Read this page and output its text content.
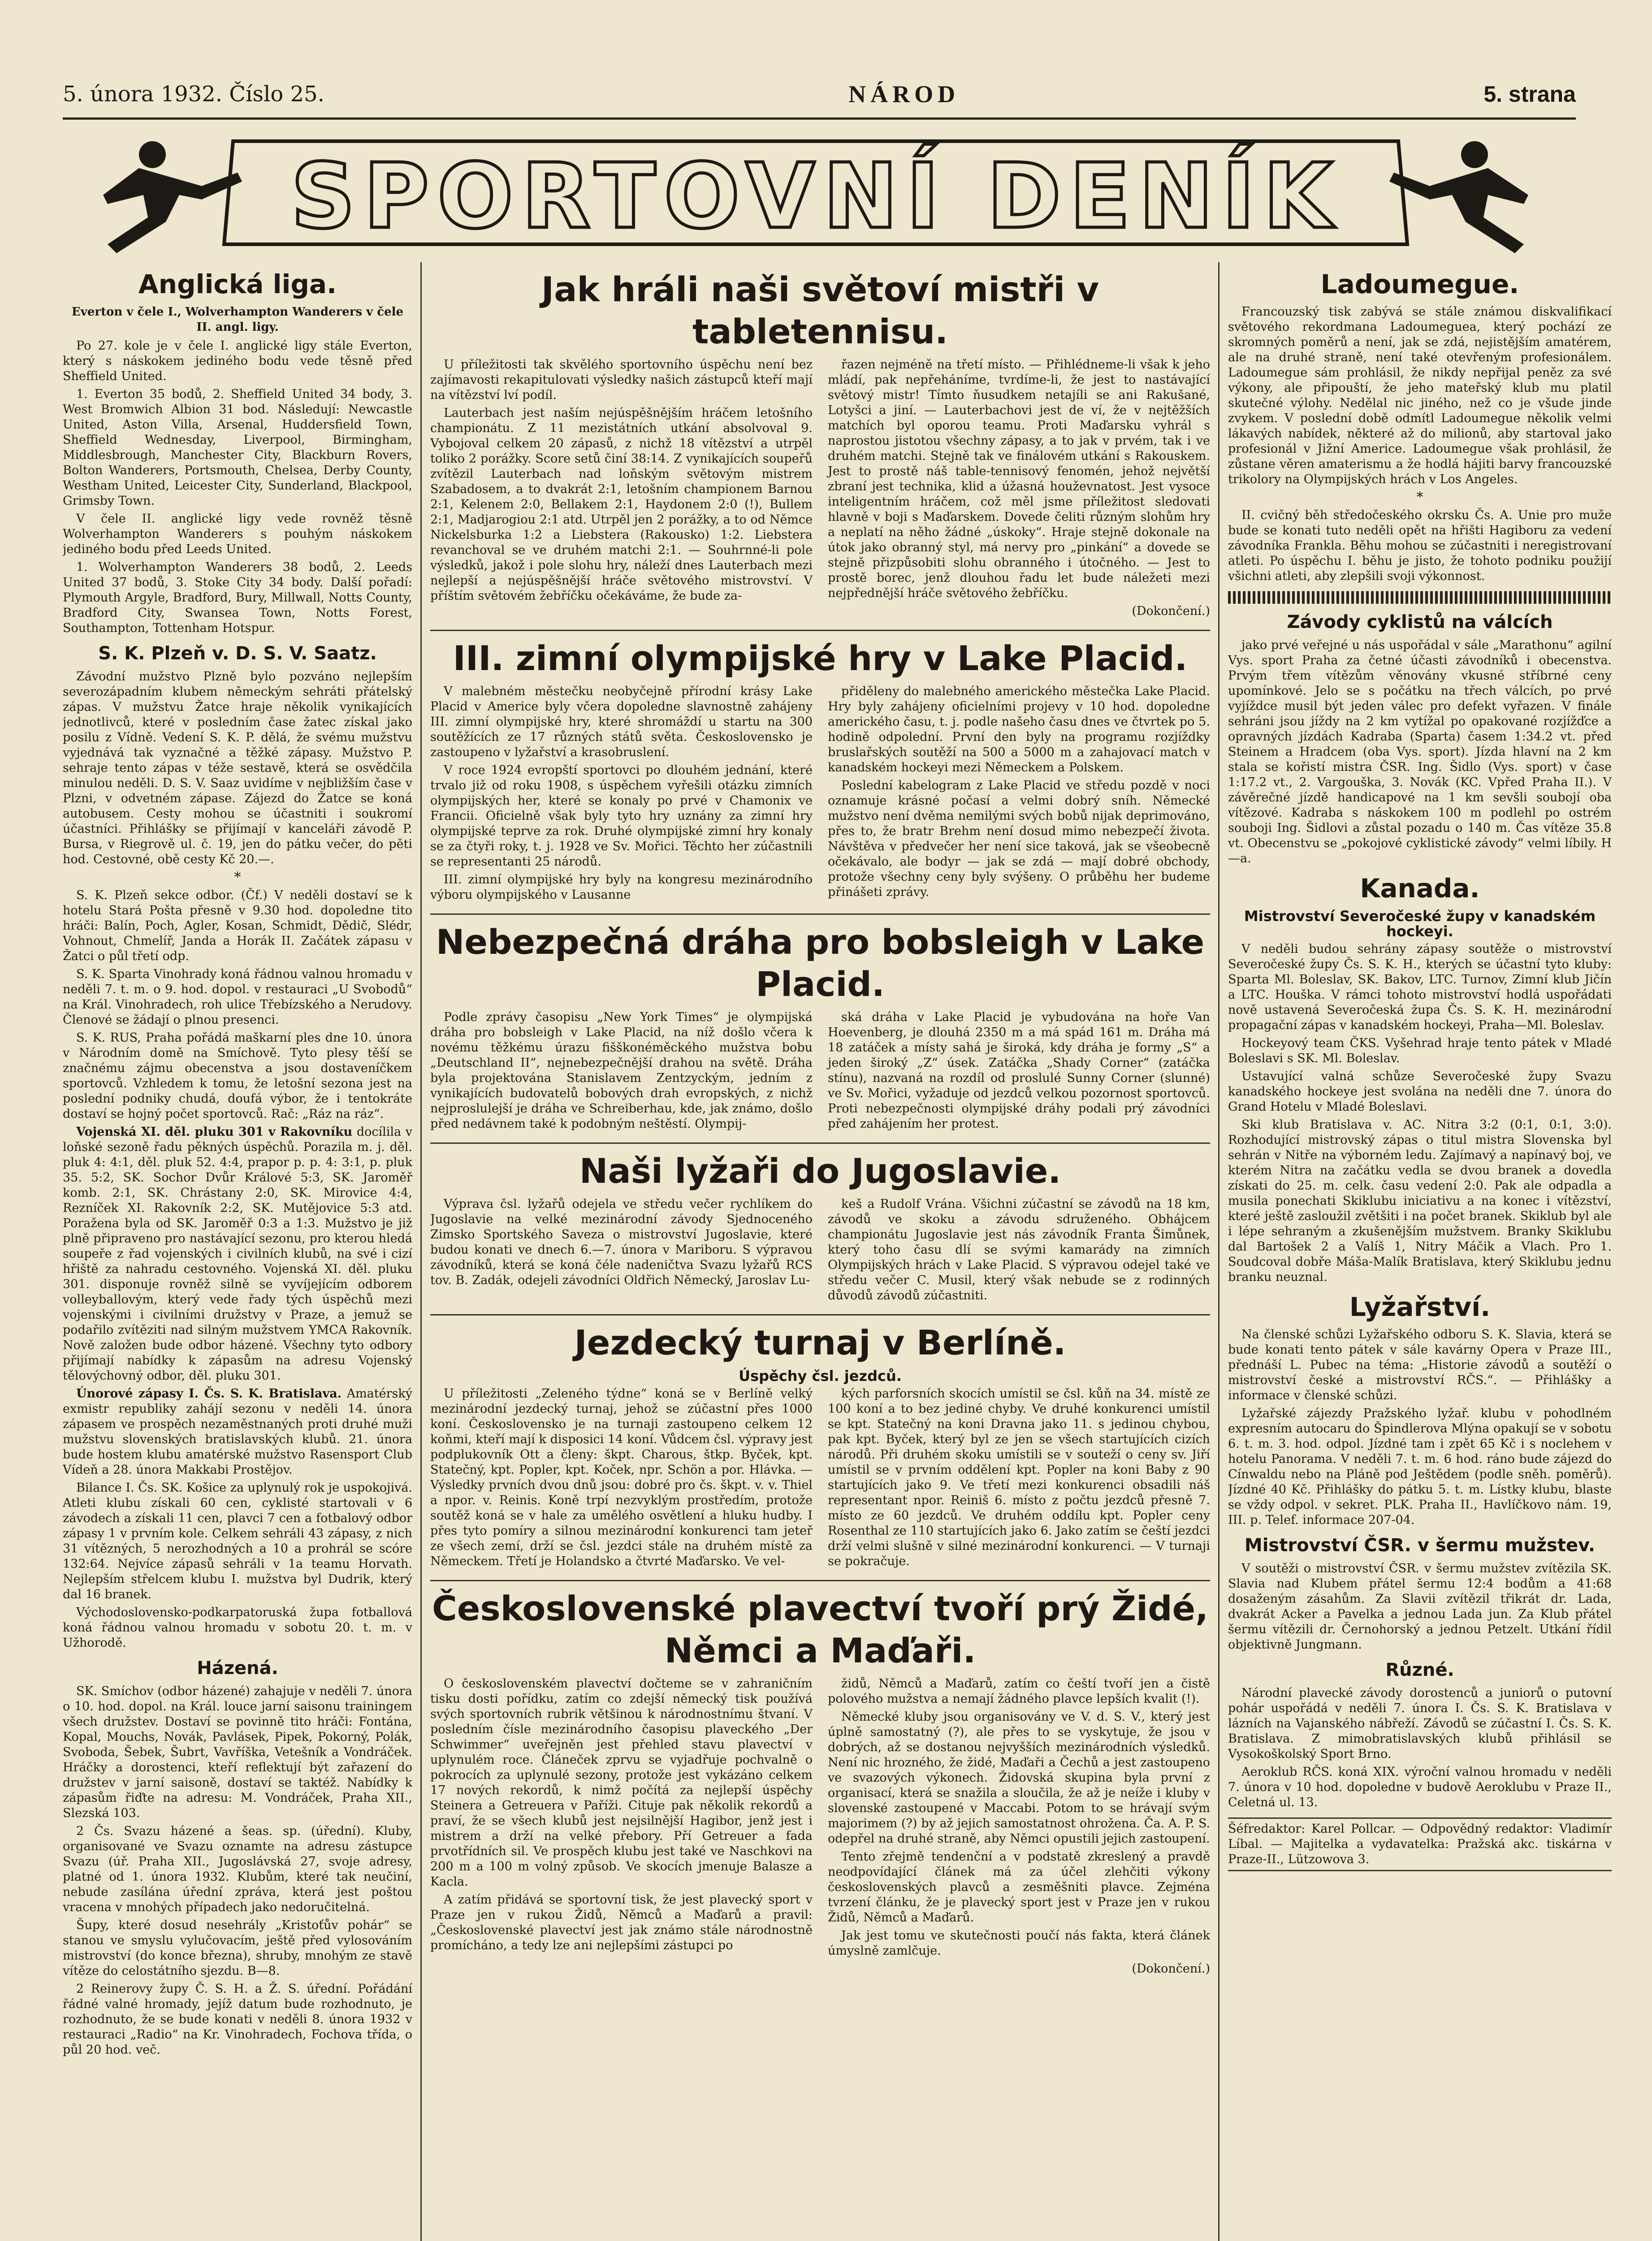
5. února 1932. Číslo 25.	NÁROD	5. strana
SPORTOVNÍ DENÍK
Anglická liga.
Everton v čele I., Wolverhampton Wanderers v čele II. angl. ligy.

Po 27. kole je v čele I. anglické ligy stále Everton, který s náskokem jediného bodu vede těsně před Sheffield United.

1. Everton 35 bodů, 2. Sheffield United 34 body, 3. West Bromwich Albion 31 bod. Následují: Newcastle United, Aston Villa, Arsenal, Huddersfield Town, Sheffield Wednesday, Liverpool, Birmingham, Middlesbrough, Manchester City, Blackburn Rovers, Bolton Wanderers, Portsmouth, Chelsea, Derby County, Westham United, Leicester City, Sunderland, Blackpool, Grimsby Town.

V čele II. anglické ligy vede rovněž těsně Wolverhampton Wanderers s pouhým náskokem jediného bodu před Leeds United.

1. Wolverhampton Wanderers 38 bodů, 2. Leeds United 37 bodů, 3. Stoke City 34 body. Další pořadí: Plymouth Argyle, Bradford, Bury, Millwall, Notts County, Bradford City, Swansea Town, Notts Forest, Southampton, Tottenham Hotspur.

S. K. Plzeň v. D. S. V. Saatz.

Závodní mužstvo Plzně bylo pozváno nejlepším severozápadním klubem německým sehráti přátelský zápas. V mužstvu Žatce hraje několik vynikajících jednotlivců, které v posledním čase žatec získal jako posilu z Vídně. Vedení S. K. P. dělá, že svému mužstvu vyjednává tak vyznačné a těžké zápasy. Mužstvo P. sehraje tento zápas v téže sestavě, která se osvědčila minulou neděli. D. S. V. Saaz uvidíme v nejbližším čase v Plzni, v odvetném zápase. Zájezd do Žatce se koná autobusem. Cesty mohou se účastniti i soukromí účastníci. Přihlášky se přijímají v kanceláři závodě P. Bursa, v Riegrově ul. č. 19, jen do pátku večer, do pěti hod. Cestovné, obě cesty Kč 20.—.

*

S. K. Plzeň sekce odbor. (Čf.) V neděli dostaví se k hotelu Stará Pošta přesně v 9.30 hod. dopoledne tito hráči: Balín, Poch, Agler, Kosan, Schmidt, Dědič, Slédr, Vohnout, Chmelíř, Janda a Horák II. Začátek zápasu v Žatci o půl třetí odp.

S. K. Sparta Vinohrady koná řádnou valnou hromadu v neděli 7. t. m. o 9. hod. dopol. v restauraci „U Svobodů“ na Král. Vinohradech, roh ulice Třebízského a Nerudovy. Členové se žádají o plnou presenci.

S. K. RUS, Praha pořádá maškarní ples dne 10. února v Národním domě na Smíchově. Tyto plesy těší se značnému zájmu obecenstva a jsou dostaveníčkem sportovců. Vzhledem k tomu, že letošní sezona jest na poslední podniky chudá, doufá výbor, že i tentokráte dostaví se hojný počet sportovců. Rač: „Ráz na ráz“.

Vojenská XI. děl. pluku 301 v Rakovníku docílila v loňské sezoně řadu pěkných úspěchů. Porazila m. j. děl. pluk 4: 4:1, děl. pluk 52. 4:4, prapor p. p. 4: 3:1, p. pluk 35. 5:2, SK. Sochor Dvůr Králové 5:3, SK. Jaroměř komb. 2:1, SK. Chrástany 2:0, SK. Mirovice 4:4, Rezníček XI. Rakovník 2:2, SK. Mutějovice 5:3 atd. Poražena byla od SK. Jaroměř 0:3 a 1:3. Mužstvo je již plně připraveno pro nastávající sezonu, pro kterou hledá soupeře z řad vojenských i civilních klubů, na své i cizí hřiště za nahradu cestovného. Vojenská XI. děl. pluku 301. disponuje rovněž silně se vyvíjejícím odborem volleyballovým, který vede řady tých úspěchů mezi vojenskými i civilními družstvy v Praze, a jemuž se podařilo zvítěziti nad silným mužstvem YMCA Rakovník. Nově založen bude odbor házené. Všechny tyto odbory přijímají nabídky k zápasům na adresu Vojenský tělovýchovný odbor, děl. pluku 301.

Únorové zápasy I. Čs. S. K. Bratislava. Amatérský exmistr republiky zahájí sezonu v neděli 14. února zápasem ve prospěch nezaměstnaných proti druhé muži mužstvu slovenských bratislavských klubů. 21. února bude hostem klubu amatérské mužstvo Rasensport Club Vídeň a 28. února Makkabi Prostějov.

Bilance I. Čs. SK. Košice za uplynulý rok je uspokojivá. Atleti klubu získali 60 cen, cyklisté startovali v 6 závodech a získali 11 cen, plavci 7 cen a fotbalový odbor zápasy 1 v prvním kole. Celkem sehráli 43 zápasy, z nich 31 vítězných, 5 nerozhodných a 10 a prohrál se scóre 132:64. Nejvíce zápasů sehráli v 1a teamu Horvath. Nejlepším střelcem klubu I. mužstva byl Dudrik, který dal 16 branek.

Východoslovensko-podkarpatoruská župa fotballová koná řádnou valnou hromadu v sobotu 20. t. m. v Užhorodě.

Házená.

SK. Smíchov (odbor házené) zahajuje v neděli 7. února o 10. hod. dopol. na Král. louce jarní saisonu trainingem všech družstev. Dostaví se povinně tito hráči: Fontána, Kopal, Mouchs, Novák, Pavlásek, Pipek, Pokorný, Polák, Svoboda, Šebek, Šubrt, Vavříška, Vetešník a Vondráček. Hráčky a dorostenci, kteří reflektují být zařazení do družstev v jarní saisoně, dostaví se taktéž. Nabídky k zápasům řiďte na adresu: M. Vondráček, Praha XII., Slezská 103.

2 Čs. Svazu házené a šeas. sp. (úřední). Kluby, organisované ve Svazu oznamte na adresu zástupce Svazu (úř. Praha XII., Jugoslávská 27, svoje adresy, platné od 1. února 1932. Klubům, které tak neučiní, nebude zasílána úřední zpráva, která jest poštou vracena v mnohých případech jako nedoručitelná.

Šupy, které dosud nesehrály „Kristoťův pohár“ se stanou ve smyslu vylučovacím, ještě před vylosováním mistrovství (do konce března), shruby, mnohým ze stavě vítěze do celostátního sjezdu. B—8.

2 Reinerovy župy Č. S. H. a Ž. S. úřední. Pořádání řádné valné hromady, jejíž datum bude rozhodnuto, je rozhodnuto, že se bude konati v neděli 8. února 1932 v restauraci „Radio“ na Kr. Vinohradech, Fochova třída, o půl 20 hod. več.

Jak hráli naši světoví mistři v tabletennisu.

U příležitosti tak skvělého sportovního úspěchu není bez zajímavosti rekapitulovati výsledky našich zástupců kteří mají na vítězství lví podíl.

Lauterbach jest naším nejúspěšnějším hráčem letošního championátu. Z 11 mezistátních utkání absolvoval 9. Vybojoval celkem 20 zápasů, z nichž 18 vítězství a utrpěl toliko 2 porážky. Score setů činí 38:14. Z vynikajících soupeřů zvítězil Lauterbach nad loňským světovým mistrem Szabadosem, a to dvakrát 2:1, letošním championem Barnou 2:1, Kelenem 2:0, Bellakem 2:1, Haydonem 2:0 (!), Bullem 2:1, Madjarogiou 2:1 atd. Utrpěl jen 2 porážky, a to od Němce Nickelsburka 1:2 a Liebstera (Rakousko) 1:2. Liebstera revanchoval se ve druhém matchi 2:1. — Souhrnné-li pole výsledků, jakož i pole slohu hry, náleží dnes Lauterbach mezi nejlepší a nejúspěšnější hráče světového mistrovství. V příštím světovém žebříčku očekáváme, že bude za-

řazen nejméně na třetí místo. — Přihlédneme-li však k jeho mládí, pak nepřeháníme, tvrdíme-li, že jest to nastávající světový mistr! Tímto ňusudkem netajíli se ani Rakušané, Lotyšci a jiní. — Lauterbachovi jest de ví, že v nejtěžších matchích byl oporou teamu. Proti Maďarsku vyhrál s naprostou jistotou všechny zápasy, a to jak v prvém, tak i ve druhém matchi. Stejně tak ve finálovém utkání s Rakouskem. Jest to prostě náš table-tennisový fenomén, jehož největší zbraní jest technika, klid a úžasná houževnatost. Jest vysoce inteligentním hráčem, což měl jsme příležitost sledovati hlavně v boji s Maďarskem. Dovede čeliti různým slohům hry a neplatí na něho žádné „úskoky“. Hraje stejně dokonale na útok jako obranný styl, má nervy pro „pinkání“ a dovede se stejně přizpůsobiti slohu obranného i útočného. — Jest to prostě borec, jenž dlouhou řadu let bude náležeti mezi nejpřednější hráče světového žebříčku.

(Dokončení.)

III. zimní olympijské hry v Lake Placid.

V malebném městečku neobyčejně přírodní krásy Lake Placid v Americe byly včera dopoledne slavnostně zahájeny III. zimní olympijské hry, které shromáždí u startu na 300 soutěžících ze 17 různých států světa. Československo je zastoupeno v lyžařství a krasobruslení.

V roce 1924 evropští sportovci po dlouhém jednání, které trvalo již od roku 1908, s úspěchem vyřešili otázku zimních olympijských her, které se konaly po prvé v Chamonix ve Francii. Oficielně však byly tyto hry uznány za zimní hry olympijské teprve za rok. Druhé olympijské zimní hry konaly se za čtyři roky, t. j. 1928 ve Sv. Mořici. Těchto her zúčastnili se representanti 25 národů.

III. zimní olympijské hry byly na kongresu mezinárodního výboru olympijského v Lausanne

přiděleny do malebného amerického městečka Lake Placid. Hry byly zahájeny oficielními projevy v 10 hod. dopoledne amerického času, t. j. podle našeho času dnes ve čtvrtek po 5. hodině odpolední. První den byly na programu rozjíždky bruslařských soutěží na 500 a 5000 m a zahajovací match v kanadském hockeyi mezi Německem a Polskem.

Poslední kabelogram z Lake Placid ve středu pozdě v noci oznamuje krásné počasí a velmi dobrý sníh. Německé mužstvo není dvěma nemilými svých bobů nijak deprimováno, přes to, že bratr Brehm není dosud mimo nebezpečí života. Návštěva v předvečer her není sice taková, jak se všeobecně očekávalo, ale bodyr — jak se zdá — mají dobré obchody, protože všechny ceny byly svýšeny. O průběhu her budeme přinášeti zprávy.

Nebezpečná dráha pro bobsleigh v Lake Placid.

Podle zprávy časopisu „New York Times“ je olympijská dráha pro bobsleigh v Lake Placid, na níž došlo včera k novému těžkému úrazu fišškonéměckého mužstva bobu „Deutschland II“, nejnebezpečnější drahou na světě. Dráha byla projektována Stanislavem Zentzyckým, jedním z vynikajících budovatelů bobových drah evropských, z nichž nejproslulejší je dráha ve Schreiberhau, kde, jak známo, došlo před nedávnem také k podobným neštěstí. Olympij-

ská dráha v Lake Placid je vybudována na hoře Van Hoevenberg, je dlouhá 2350 m a má spád 161 m. Dráha má 18 zatáček a místy sahá je široká, kdy dráha je formy „S“ a jeden široký „Z“ úsek. Zatáčka „Shady Corner“ (zatáčka stínu), nazvaná na rozdíl od proslulé Sunny Corner (slunné) ve Sv. Mořici, vyžaduje od jezdců velkou pozornost sportovců. Proti nebezpečnosti olympijské dráhy podali prý závodníci před zahájením her protest.

Naši lyžaři do Jugoslavie.

Výprava čsl. lyžařů odejela ve středu večer rychlíkem do Jugoslavie na velké mezinárodní závody Sjednoceného Zimsko Sportského Saveza o mistrovství Jugoslavie, které budou konati ve dnech 6.—7. února v Mariboru. S výpravou závodníků, která se koná čéle nadeničtva Svazu lyžařů RCS tov. B. Zadák, odejeli závodníci Oldřich Německý, Jaroslav Lu-

keš a Rudolf Vrána. Všichni zúčastní se závodů na 18 km, závodů ve skoku a závodu sdruženého. Obhájcem championátu Jugoslavie jest nás závodník Franta Šimůnek, který toho času dlí se svými kamarády na zimních Olympijských hrách v Lake Placid. S výpravou odejel také ve středu večer C. Musil, který však nebude se z rodinných důvodů závodů zúčastniti.

Jezdecký turnaj v Berlíně.
Úspěchy čsl. jezdců.

U příležitosti „Zeleného týdne“ koná se v Berlíně velký mezinárodní jezdecký turnaj, jehož se zúčastní přes 1000 koní. Československo je na turnaji zastoupeno celkem 12 koňmi, kteří mají k disposici 14 koní. Vůdcem čsl. výpravy jest podplukovník Ott a členy: škpt. Charous, štkp. Byček, kpt. Statečný, kpt. Popler, kpt. Koček, npr. Schön a por. Hlávka. — Výsledky prvních dvou dnů jsou: dobré pro čs. škpt. v. v. Thiel a npor. v. Reinis. Koně trpí nezvyklým prostředím, protože soutěž koná se v hale za umělého osvětlení a hluku hudby. I přes tyto pomíry a silnou mezinárodní konkurenci tam jeteř ze všech zemí, drží se čsl. jezdci stále na druhém místě za Německem. Třetí je Holandsko a čtvrté Maďarsko. Ve vel-

kých parforsních skocích umístil se čsl. kůň na 34. místě ze 100 koní a to bez jediné chyby. Ve druhé konkurenci umístil se kpt. Statečný na koni Dravna jako 11. s jedinou chybou, pak kpt. Byček, který byl ze jen se všech startujících cizích národů. Při druhém skoku umístili se v souteží o ceny sv. Jiří umístil se v prvním oddělení kpt. Popler na koni Baby z 90 startujících jako 9. Ve třetí mezi konkurenci obsadili náš representant npor. Reiniš 6. místo z počtu jezdců přesně 7. místo ze 60 jezdců. Ve druhém oddílu kpt. Popler ceny Rosenthal ze 110 startujících jako 6. Jako zatím se čeští jezdci drží velmi slušně v silné mezinárodní konkurenci. — V turnaji se pokračuje.

Československé plavectví tvoří prý Židé, Němci a Maďaři.

O československém plavectví dočteme se v zahraničním tisku dosti pořídku, zatím co zdejší německý tisk používá svých sportovních rubrik většinou k národnostnímu štvaní. V posledním čísle mezinárodního časopisu plaveckého „Der Schwimmer“ uveřejněn jest přehled stavu plavectví v uplynulém roce. Článeček zprvu se vyjadřuje pochvalně o pokrocích za uplynulé sezony, protože jest vykázáno celkem 17 nových rekordů, k nimž počítá za nejlepší úspěchy Steinera a Getreuera v Paříži. Cituje pak několik rekordů a praví, že se všech klubů jest nejsilnější Hagibor, jenž jest i mistrem a drží na velké přebory. Pří Getreuer a fada prvotřídních sil. Ve prospěch klubu jest také ve Naschkovi na 200 m a 100 m volný způsob. Ve skocích jmenuje Balasze a Kacla.

A zatím přidává se sportovní tisk, že jest plavecký sport v Praze jen v rukou Židů, Němců a Maďarů a pravil: „Československé plavectví jest jak známo stále národnostně promícháno, a tedy lze ani nejlepšími zástupci po

židů, Němců a Maďarů, zatím co čeští tvoří jen a čistě polového mužstva a nemají žádného plavce lepších kvalit (!).

Německé kluby jsou organisovány ve V. d. S. V., který jest úplně samostatný (?), ale přes to se vyskytuje, že jsou v dobrých, až se dostanou nejvyšších mezinárodních výsledků. Není nic hrozného, že židé, Maďaři a Čechů a jest zastoupeno ve svazových výkonech. Židovská skupina byla první z organisací, která se snažila a sloučila, že až je neíže i kluby v slovenské zastoupené v Maccabi. Potom to se hrávají svým majorimem (?) by až jejich samostatnost ohrožena. Ča. A. P. S. odepřel na druhé straně, aby Němci opustili jejich zastoupení.

Tento zřejmě tendenční a v podstatě zkreslený a pravdě neodpovídající článek má za účel zlehčiti výkony československých plavců a zesměšniti plavce. Zejména tvrzení článku, že je plavecký sport jest v Praze jen v rukou Židů, Němců a Maďarů.

Jak jest tomu ve skutečnosti poučí nás fakta, která článek úmyslně zamlčuje.

(Dokončení.)

Ladoumegue.

Francouzský tisk zabývá se stále známou diskvalifikací světového rekordmana Ladoumeguea, který pochází ze skromných poměrů a není, jak se zdá, nejistějším amatérem, ale na druhé straně, není také otevřeným profesionálem. Ladoumegue sám prohlásil, že nikdy nepřijal peněz za své výkony, ale připouští, že jeho mateřský klub mu platil skutečné výlohy. Nedělal nic jiného, než co je všude jinde zvykem. V poslední době odmítl Ladoumegue několik velmi lákavých nabídek, některé až do milionů, aby startoval jako profesionál v Jižní Americe. Ladoumegue však prohlásil, že zůstane věren amaterismu a že hodlá hájiti barvy francouzské trikolory na Olympijských hrách v Los Angeles.

*

II. cvičný běh středočeského okrsku Čs. A. Unie pro muže bude se konati tuto neděli opět na hřišti Hagiboru za vedení závodníka Frankla. Běhu mohou se zúčastniti i neregistrovaní atleti. Po úspěchu I. běhu je jisto, že tohoto podniku použijí všichni atleti, aby zlepšili svoji výkonnost.

Závody cyklistů na válcích

jako prvé veřejné u nás uspořádal v sále „Marathonu“ agilní Vys. sport Praha za četné účasti závodníků i obecenstva. Prvým třem vítězům věnovány vkusné stříbrné ceny upomínkové. Jelo se s počátku na třech válcích, po prvé vyjíždce musil být jeden válec pro defekt vyřazen. V finále sehráni jsou jíždy na 2 km vytížal po opakované rozjížďce a opravných jízdách Kadraba (Sparta) časem 1:34.2 vt. před Steinem a Hradcem (oba Vys. sport). Jízda hlavní na 2 km stala se kořistí mistra ČSR. Ing. Šidlo (Vys. sport) v čase 1:17.2 vt., 2. Vargouška, 3. Novák (KC. Vpřed Praha II.). V závěrečné jízdě handicapové na 1 km sevšli soubojí oba vítězové. Kadraba s náskokem 100 m podlehl po ostrém souboji Ing. Šidlovi a zůstal pozadu o 140 m. Čas vítěze 35.8 vt. Obecenstvu se „pokojové cyklistické závody“ velmi líbily. H—a.

Kanada.
Mistrovství Severočeské župy v kanadském hockeyi.

V neděli budou sehrány zápasy soutěže o mistrovství Severočeské župy Čs. S. K. H., kterých se účastní tyto kluby: Sparta Ml. Boleslav, SK. Bakov, LTC. Turnov, Zimní klub Jičín a LTC. Houška. V rámci tohoto mistrovství hodlá uspořádati nově ustavená Severočeská župa Čs. S. K. H. mezinárodní propagační zápas v kanadském hockeyi, Praha—Ml. Boleslav.

Hockeyový team ČKS. Vyšehrad hraje tento pátek v Mladé Boleslavi s SK. Ml. Boleslav.

Ustavující valná schůze Severočeské župy Svazu kanadského hockeye jest svolána na neděli dne 7. února do Grand Hotelu v Mladé Boleslavi.

Ski klub Bratislava v. AC. Nitra 3:2 (0:1, 0:1, 3:0). Rozhodující mistrovský zápas o titul mistra Slovenska byl sehrán v Nitře na výborném ledu. Zajímavý a napínavý boj, ve kterém Nitra na začátku vedla se dvou branek a dovedla získati do 25. m. celk. času vedení 2:0. Pak ale odpadla a musila ponechati Skiklubu iniciativu a na konec i vítězství, které ještě zasloužil zvětšiti i na počet branek. Skiklub byl ale i lépe sehraným a zkušenějším mužstvem. Branky Skiklubu dal Bartošek 2 a Valíš 1, Nitry Máčik a Vlach. Pro 1. Soudcoval dobře Máša-Malík Bratislava, který Skiklubu jednu branku neuznal.

Lyžařství.

Na členské schůzi Lyžařského odboru S. K. Slavia, která se bude konati tento pátek v sále kavárny Opera v Praze III., přednáší L. Pubec na téma: „Historie závodů a soutěží o mistrovství české a mistrovství RČS.“. — Přihlášky a informace v členské schůzi.

Lyžařské zájezdy Pražského lyžař. klubu v pohodlném expresním autocaru do Špindlerova Mlýna opakují se v sobotu 6. t. m. 3. hod. odpol. Jízdné tam i zpět 65 Kč i s noclehem v hotelu Panorama. V neděli 7. t. m. 6 hod. ráno bude zájezd do Cínwaldu nebo na Pláně pod Ještědem (podle sněh. poměrů). Jízdné 40 Kč. Přihlášky do pátku 5. t. m. Lístky klubu, blaste se vždy odpol. v sekret. PLK. Praha II., Havlíčkovo nám. 19, III. p. Telef. informace 207-04.

Mistrovství ČSR. v šermu mužstev.

V soutěži o mistrovství ČSR. v šermu mužstev zvítězila SK. Slavia nad Klubem přátel šermu 12:4 bodům a 41:68 dosaženým zásahům. Za Slavii zvítězil třikrát dr. Lada, dvakrát Acker a Pavelka a jednou Lada jun. Za Klub přátel šermu vítězili dr. Černohorský a jednou Petzelt. Utkání řídil objektivně Jungmann.

Různé.

Národní plavecké závody dorostenců a juniorů o putovní pohár uspořádá v neděli 7. února I. Čs. S. K. Bratislava v lázních na Vajanského nábřeží. Závodů se zúčastní I. Čs. S. K. Bratislava. Z mimobratislavských klubů přihlásil se Vysokoškolský Sport Brno.

Aeroklub RČS. koná XIX. výroční valnou hromadu v neděli 7. února v 10 hod. dopoledne v budově Aeroklubu v Praze II., Celetná ul. 13.

Šéfredaktor: Karel Pollcar. — Odpovědný redaktor: Vladimír Líbal. — Majitelka a vydavatelka: Pražská akc. tiskárna v Praze-II., Lützowova 3.
